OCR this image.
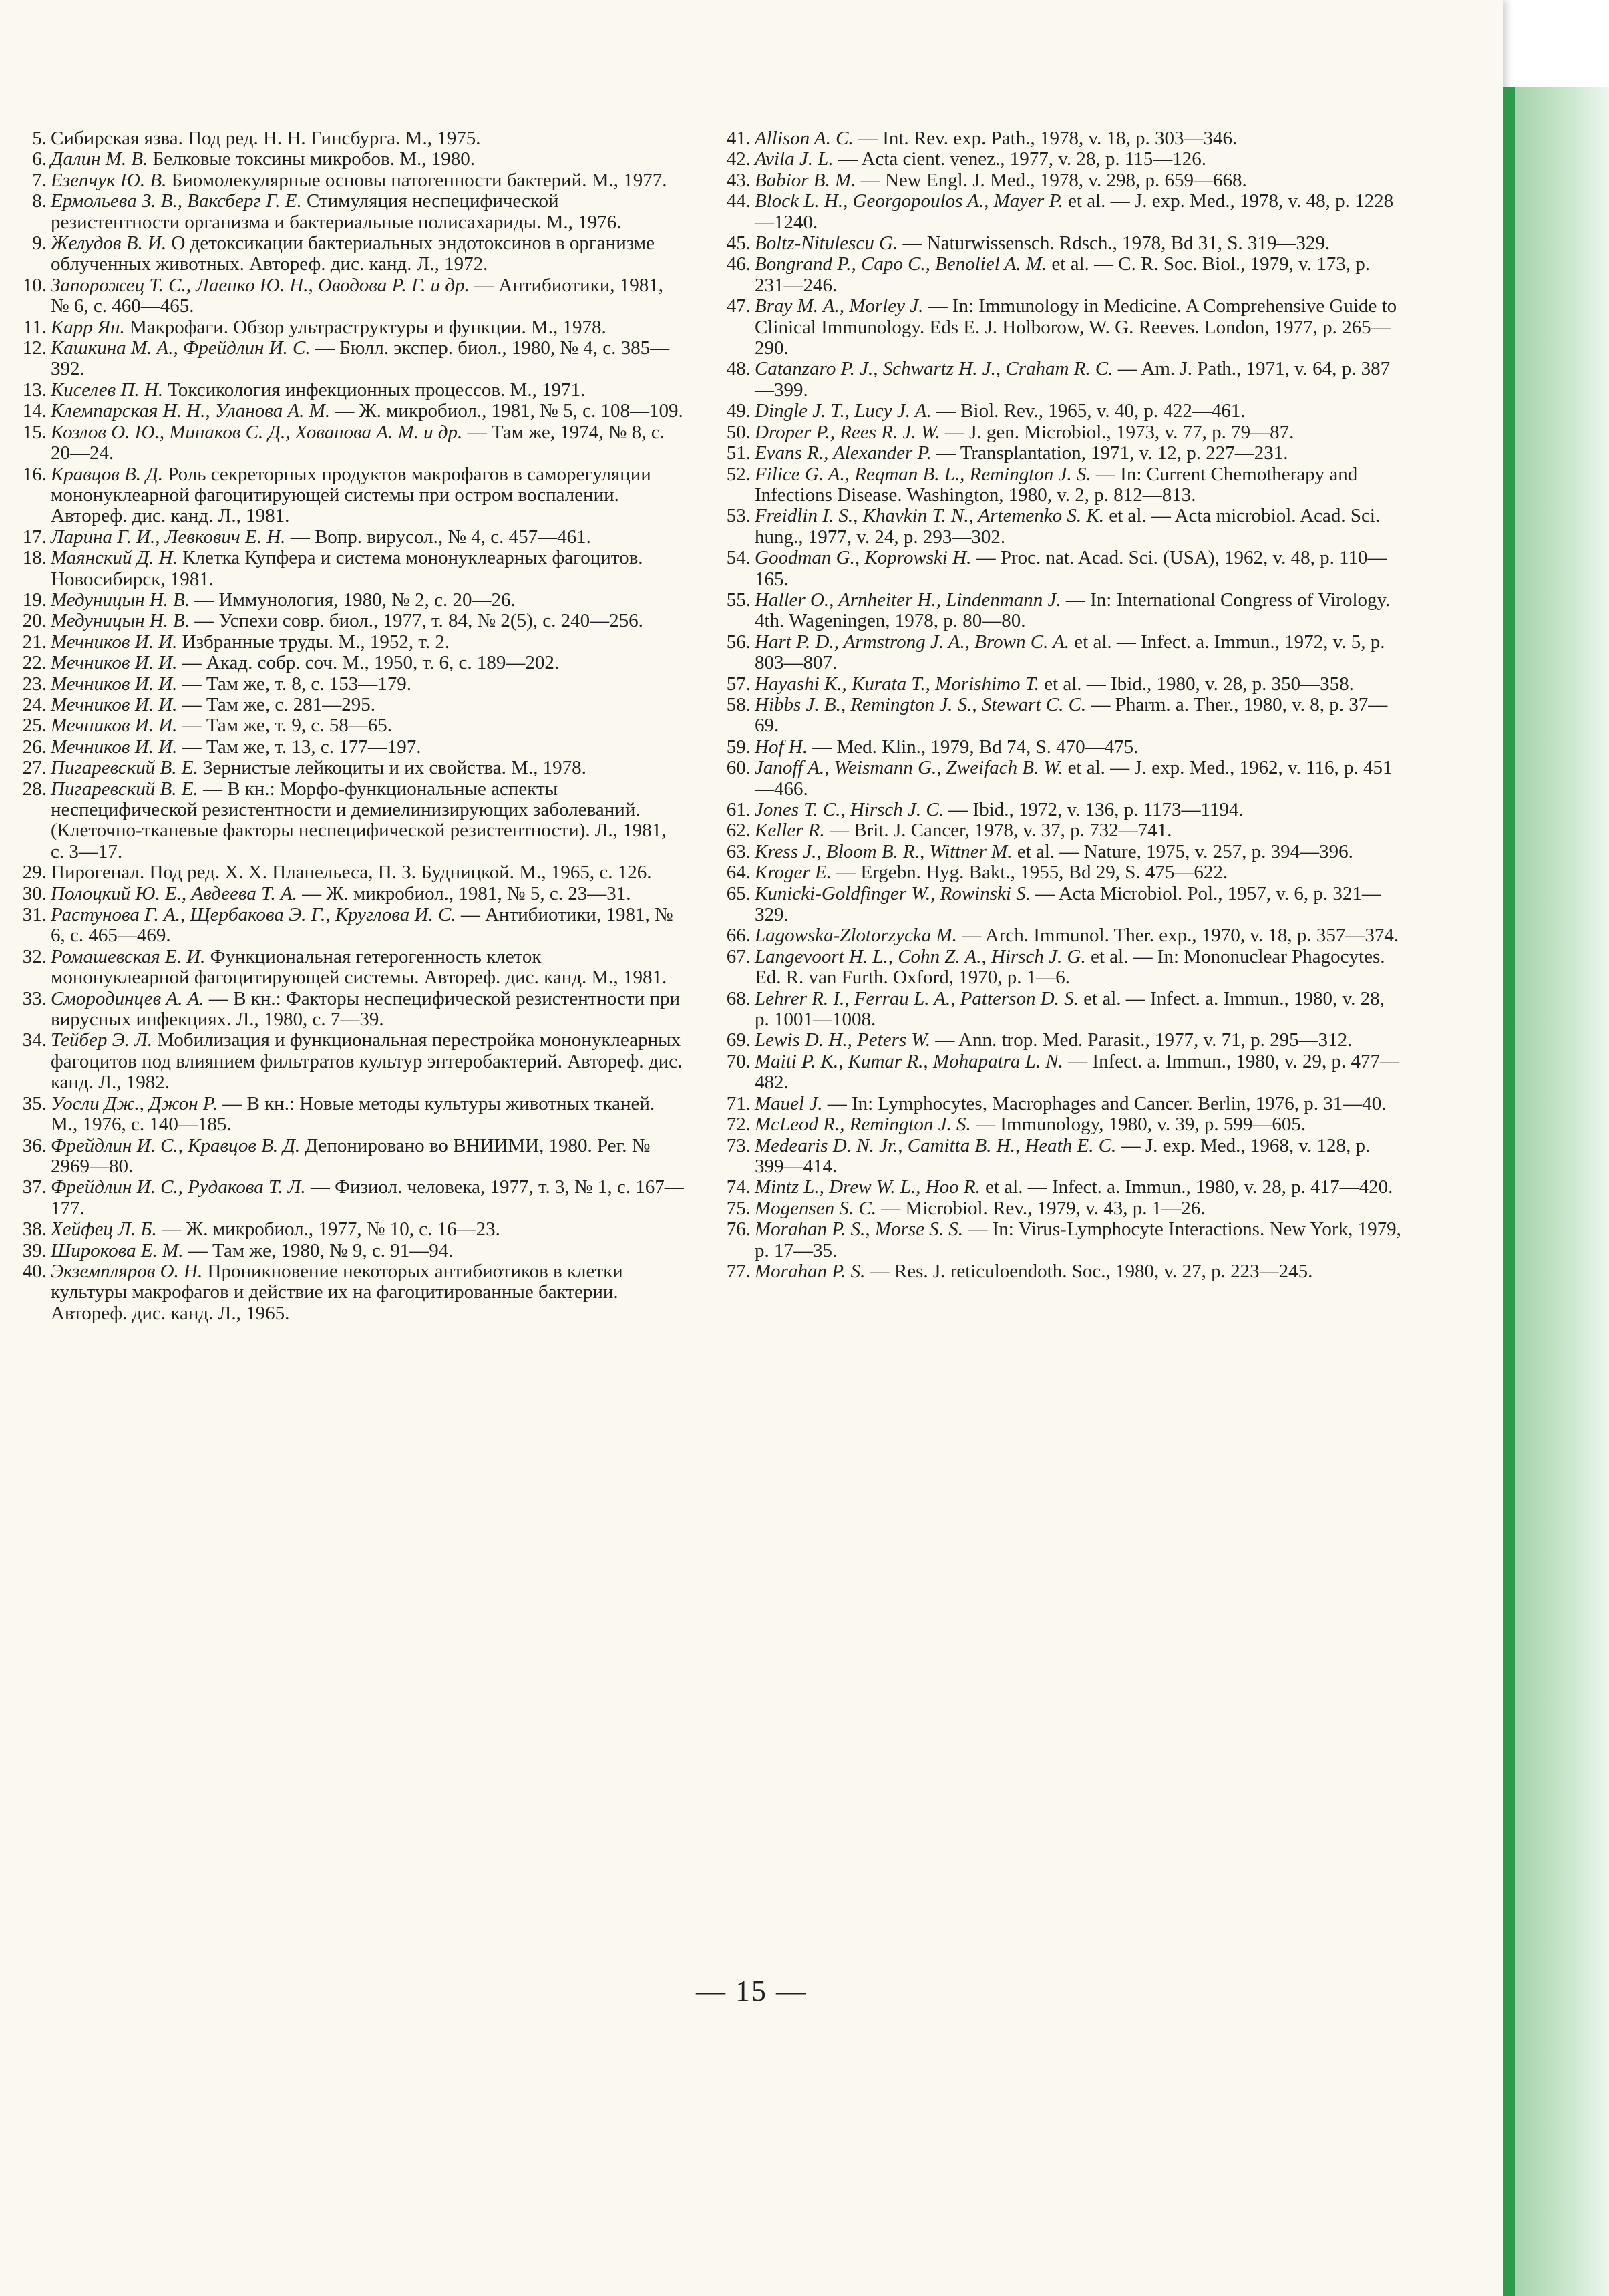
5. Сибирская язва. Под ред. Н. Н. Гинсбурга. М., 1975.
6. Далин М. В. Белковые токсины микробов. М., 1980.
7. Езепчук Ю. В. Биомолекулярные основы патогенности бактерий. М., 1977.
8. Ермольева З. В., Ваксберг Г. Е. Стимуляция неспецифической резистентности организма и бактериальные полисахариды. М., 1976.
9. Желудов В. И. О детоксикации бактериальных эндотоксинов в организме облученных животных. Автореф. дис. канд. Л., 1972.
10. Запорожец Т. С., Лаенко Ю. Н., Оводова Р. Г. и др. — Антибиотики, 1981, № 6, с. 460—465.
11. Карр Ян. Макрофаги. Обзор ультраструктуры и функции. М., 1978.
12. Кашкина М. А., Фрейдлин И. С. — Бюлл. экспер. биол., 1980, № 4, с. 385—392.
13. Киселев П. Н. Токсикология инфекционных процессов. М., 1971.
14. Клемпарская Н. Н., Уланова А. М. — Ж. микробиол., 1981, № 5, с. 108—109.
15. Козлов О. Ю., Минаков С. Д., Хованова А. М. и др. — Там же, 1974, № 8, с. 20—24.
16. Кравцов В. Д. Роль секреторных продуктов макрофагов в саморегуляции мононуклеарной фагоцитирующей системы при остром воспалении. Автореф. дис. канд. Л., 1981.
17. Ларина Г. И., Левкович Е. Н. — Вопр. вирусол., № 4, с. 457—461.
18. Маянский Д. Н. Клетка Купфера и система мононуклеарных фагоцитов. Новосибирск, 1981.
19. Медуницын Н. В. — Иммунология, 1980, № 2, с. 20—26.
20. Медуницын Н. В. — Успехи совр. биол., 1977, т. 84, № 2(5), с. 240—256.
21. Мечников И. И. Избранные труды. М., 1952, т. 2.
22. Мечников И. И. — Акад. собр. соч. М., 1950, т. 6, с. 189—202.
23. Мечников И. И. — Там же, т. 8, с. 153—179.
24. Мечников И. И. — Там же, с. 281—295.
25. Мечников И. И. — Там же, т. 9, с. 58—65.
26. Мечников И. И. — Там же, т. 13, с. 177—197.
27. Пигаревский В. Е. Зернистые лейкоциты и их свойства. М., 1978.
28. Пигаревский В. Е. — В кн.: Морфо-функциональные аспекты неспецифической резистентности и демиелинизирующих заболеваний. (Клеточно-тканевые факторы неспецифической резистентности). Л., 1981, с. 3—17.
29. Пирогенал. Под ред. Х. Х. Планельеса, П. З. Будницкой. М., 1965, с. 126.
30. Полоцкий Ю. Е., Авдеева Т. А. — Ж. микробиол., 1981, № 5, с. 23—31.
31. Растунова Г. А., Щербакова Э. Г., Круглова И. С. — Антибиотики, 1981, № 6, с. 465—469.
32. Ромашевская Е. И. Функциональная гетерогенность клеток мононуклеарной фагоцитирующей системы. Автореф. дис. канд. М., 1981.
33. Смородинцев А. А. — В кн.: Факторы неспецифической резистентности при вирусных инфекциях. Л., 1980, с. 7—39.
34. Тейбер Э. Л. Мобилизация и функциональная перестройка мононуклеарных фагоцитов под влиянием фильтратов культур энтеробактерий. Автореф. дис. канд. Л., 1982.
35. Уосли Дж., Джон Р. — В кн.: Новые методы культуры животных тканей. М., 1976, с. 140—185.
36. Фрейдлин И. С., Кравцов В. Д. Депонировано во ВНИИМИ, 1980. Рег. № 2969—80.
37. Фрейдлин И. С., Рудакова Т. Л. — Физиол. человека, 1977, т. 3, № 1, с. 167—177.
38. Хейфец Л. Б. — Ж. микробиол., 1977, № 10, с. 16—23.
39. Широкова Е. М. — Там же, 1980, № 9, с. 91—94.
40. Экземпляров О. Н. Проникновение некоторых антибиотиков в клетки культуры макрофагов и действие их на фагоцитированные бактерии. Автореф. дис. канд. Л., 1965.
41. Allison A. C. — Int. Rev. exp. Path., 1978, v. 18, p. 303—346.
42. Avila J. L. — Acta cient. venez., 1977, v. 28, p. 115—126.
43. Babior B. M. — New Engl. J. Med., 1978, v. 298, p. 659—668.
44. Block L. H., Georgopoulos A., Mayer P. et al. — J. exp. Med., 1978, v. 48, p. 1228—1240.
45. Boltz-Nitulescu G. — Naturwissensch. Rdsch., 1978, Bd 31, S. 319—329.
46. Bongrand P., Capo C., Benoliel A. M. et al. — C. R. Soc. Biol., 1979, v. 173, p. 231—246.
47. Bray M. A., Morley J. — In: Immunology in Medicine. A Comprehensive Guide to Clinical Immunology. Eds E. J. Holborow, W. G. Reeves. London, 1977, p. 265—290.
48. Catanzaro P. J., Schwartz H. J., Craham R. C. — Am. J. Path., 1971, v. 64, p. 387—399.
49. Dingle J. T., Lucy J. A. — Biol. Rev., 1965, v. 40, p. 422—461.
50. Droper P., Rees R. J. W. — J. gen. Microbiol., 1973, v. 77, p. 79—87.
51. Evans R., Alexander P. — Transplantation, 1971, v. 12, p. 227—231.
52. Filice G. A., Reqman B. L., Remington J. S. — In: Current Chemotherapy and Infections Disease. Washington, 1980, v. 2, p. 812—813.
53. Freidlin I. S., Khavkin T. N., Artemenko S. K. et al. — Acta microbiol. Acad. Sci. hung., 1977, v. 24, p. 293—302.
54. Goodman G., Koprowski H. — Proc. nat. Acad. Sci. (USA), 1962, v. 48, p. 110—165.
55. Haller O., Arnheiter H., Lindenmann J. — In: International Congress of Virology. 4th. Wageningen, 1978, p. 80—80.
56. Hart P. D., Armstrong J. A., Brown C. A. et al. — Infect. a. Immun., 1972, v. 5, p. 803—807.
57. Hayashi K., Kurata T., Morishimo T. et al. — Ibid., 1980, v. 28, p. 350—358.
58. Hibbs J. B., Remington J. S., Stewart C. C. — Pharm. a. Ther., 1980, v. 8, p. 37—69.
59. Hof H. — Med. Klin., 1979, Bd 74, S. 470—475.
60. Janoff A., Weismann G., Zweifach B. W. et al. — J. exp. Med., 1962, v. 116, p. 451—466.
61. Jones T. C., Hirsch J. C. — Ibid., 1972, v. 136, p. 1173—1194.
62. Keller R. — Brit. J. Cancer, 1978, v. 37, p. 732—741.
63. Kress J., Bloom B. R., Wittner M. et al. — Nature, 1975, v. 257, p. 394—396.
64. Kroger E. — Ergebn. Hyg. Bakt., 1955, Bd 29, S. 475—622.
65. Kunicki-Goldfinger W., Rowinski S. — Acta Microbiol. Pol., 1957, v. 6, p. 321—329.
66. Lagowska-Zlotorzycka M. — Arch. Immunol. Ther. exp., 1970, v. 18, p. 357—374.
67. Langevoort H. L., Cohn Z. A., Hirsch J. G. et al. — In: Mononuclear Phagocytes. Ed. R. van Furth. Oxford, 1970, p. 1—6.
68. Lehrer R. I., Ferrau L. A., Patterson D. S. et al. — Infect. a. Immun., 1980, v. 28, p. 1001—1008.
69. Lewis D. H., Peters W. — Ann. trop. Med. Parasit., 1977, v. 71, p. 295—312.
70. Maiti P. K., Kumar R., Mohapatra L. N. — Infect. a. Immun., 1980, v. 29, p. 477—482.
71. Mauel J. — In: Lymphocytes, Macrophages and Cancer. Berlin, 1976, p. 31—40.
72. McLeod R., Remington J. S. — Immunology, 1980, v. 39, p. 599—605.
73. Medearis D. N. Jr., Camitta B. H., Heath E. C. — J. exp. Med., 1968, v. 128, p. 399—414.
74. Mintz L., Drew W. L., Hoo R. et al. — Infect. a. Immun., 1980, v. 28, p. 417—420.
75. Mogensen S. C. — Microbiol. Rev., 1979, v. 43, p. 1—26.
76. Morahan P. S., Morse S. S. — In: Virus-Lymphocyte Interactions. New York, 1979, p. 17—35.
77. Morahan P. S. — Res. J. reticuloendoth. Soc., 1980, v. 27, p. 223—245.
— 15 —
